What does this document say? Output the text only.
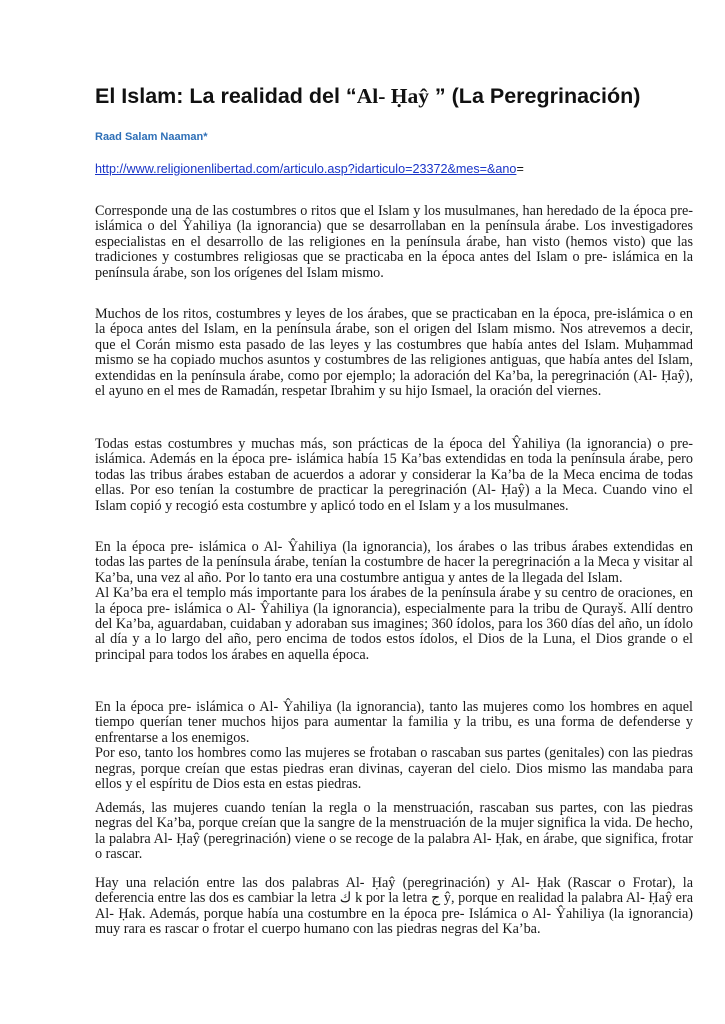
El Islam: La realidad del “Al- Ḥaŷ ” (La Peregrinación)
Raad Salam Naaman*
http://www.religionenlibertad.com/articulo.asp?idarticulo=23372&mes=&ano=

Corresponde una de las costumbres o ritos que el Islam y los musulmanes, han heredado de la época pre-islámica o del Ŷahiliya (la ignorancia) que se desarrollaban en la península árabe. Los investigadores especialistas en el desarrollo de las religiones en la península árabe, han visto (hemos visto) que las tradiciones y costumbres religiosas que se practicaba en la época antes del Islam o pre- islámica en la península árabe, son los orígenes del Islam mismo.

Muchos de los ritos, costumbres y leyes de los árabes, que se practicaban en la época, pre-islámica o en la época antes del Islam, en la península árabe, son el origen del Islam mismo. Nos atrevemos a decir, que el Corán mismo esta pasado de las leyes y las costumbres que había antes del Islam. Muḥammad mismo se ha copiado muchos asuntos y costumbres de las religiones antiguas, que había antes del Islam, extendidas en la península árabe, como por ejemplo; la adoración del Ka’ba, la peregrinación (Al- Ḥaŷ), el ayuno en el mes de Ramadán, respetar Ibrahim y su hijo Ismael, la oración del viernes.

Todas estas costumbres y muchas más, son prácticas de la época del Ŷahiliya (la ignorancia) o pre- islámica. Además en la época pre- islámica había 15 Ka’bas extendidas en toda la península árabe, pero todas las tribus árabes estaban de acuerdos a adorar y considerar la Ka’ba de la Meca encima de todas ellas. Por eso tenían la costumbre de practicar la peregrinación (Al- Ḥaŷ) a la Meca. Cuando vino el Islam copió y recogió esta costumbre y aplicó todo en el Islam y a los musulmanes.

En la época pre- islámica o Al- Ŷahiliya (la ignorancia), los árabes o las tribus árabes extendidas en todas las partes de la península árabe, tenían la costumbre de hacer la peregrinación a la Meca y visitar al Ka’ba, una vez al año. Por lo tanto era una costumbre antigua y antes de la llegada del Islam.
Al Ka’ba era el templo más importante para los árabes de la península árabe y su centro de oraciones, en la época pre- islámica o Al- Ŷahiliya (la ignorancia), especialmente para la tribu de Qurayš. Allí dentro del Ka’ba, aguardaban, cuidaban y adoraban sus imagines; 360 ídolos, para los 360 días del año, un ídolo al día y a lo largo del año, pero encima de todos estos ídolos, el Dios de la Luna, el Dios grande o el principal para todos los árabes en aquella época.

En la época pre- islámica o Al- Ŷahiliya (la ignorancia), tanto las mujeres como los hombres en aquel tiempo querían tener muchos hijos para aumentar la familia y la tribu, es una forma de defenderse y enfrentarse a los enemigos.
Por eso, tanto los hombres como las mujeres se frotaban o rascaban sus partes (genitales) con las piedras negras, porque creían que estas piedras eran divinas, cayeran del cielo. Dios mismo las mandaba para ellos y el espíritu de Dios esta en estas piedras.

Además, las mujeres cuando tenían la regla o la menstruación, rascaban sus partes, con las piedras negras del Ka’ba, porque creían que la sangre de la menstruación de la mujer significa la vida. De hecho, la palabra Al- Ḥaŷ (peregrinación) viene o se recoge de la palabra Al- Ḥak, en árabe, que significa, frotar o rascar.

Hay una relación entre las dos palabras Al- Ḥaŷ (peregrinación) y Al- Ḥak (Rascar o Frotar), la deferencia entre las dos es cambiar la letra ك k por la letra ج ŷ, porque en realidad la palabra Al- Ḥaŷ era Al- Ḥak. Además, porque había una costumbre en la época pre- Islámica o Al- Ŷahiliya (la ignorancia) muy rara es rascar o frotar el cuerpo humano con las piedras negras del Ka’ba.
